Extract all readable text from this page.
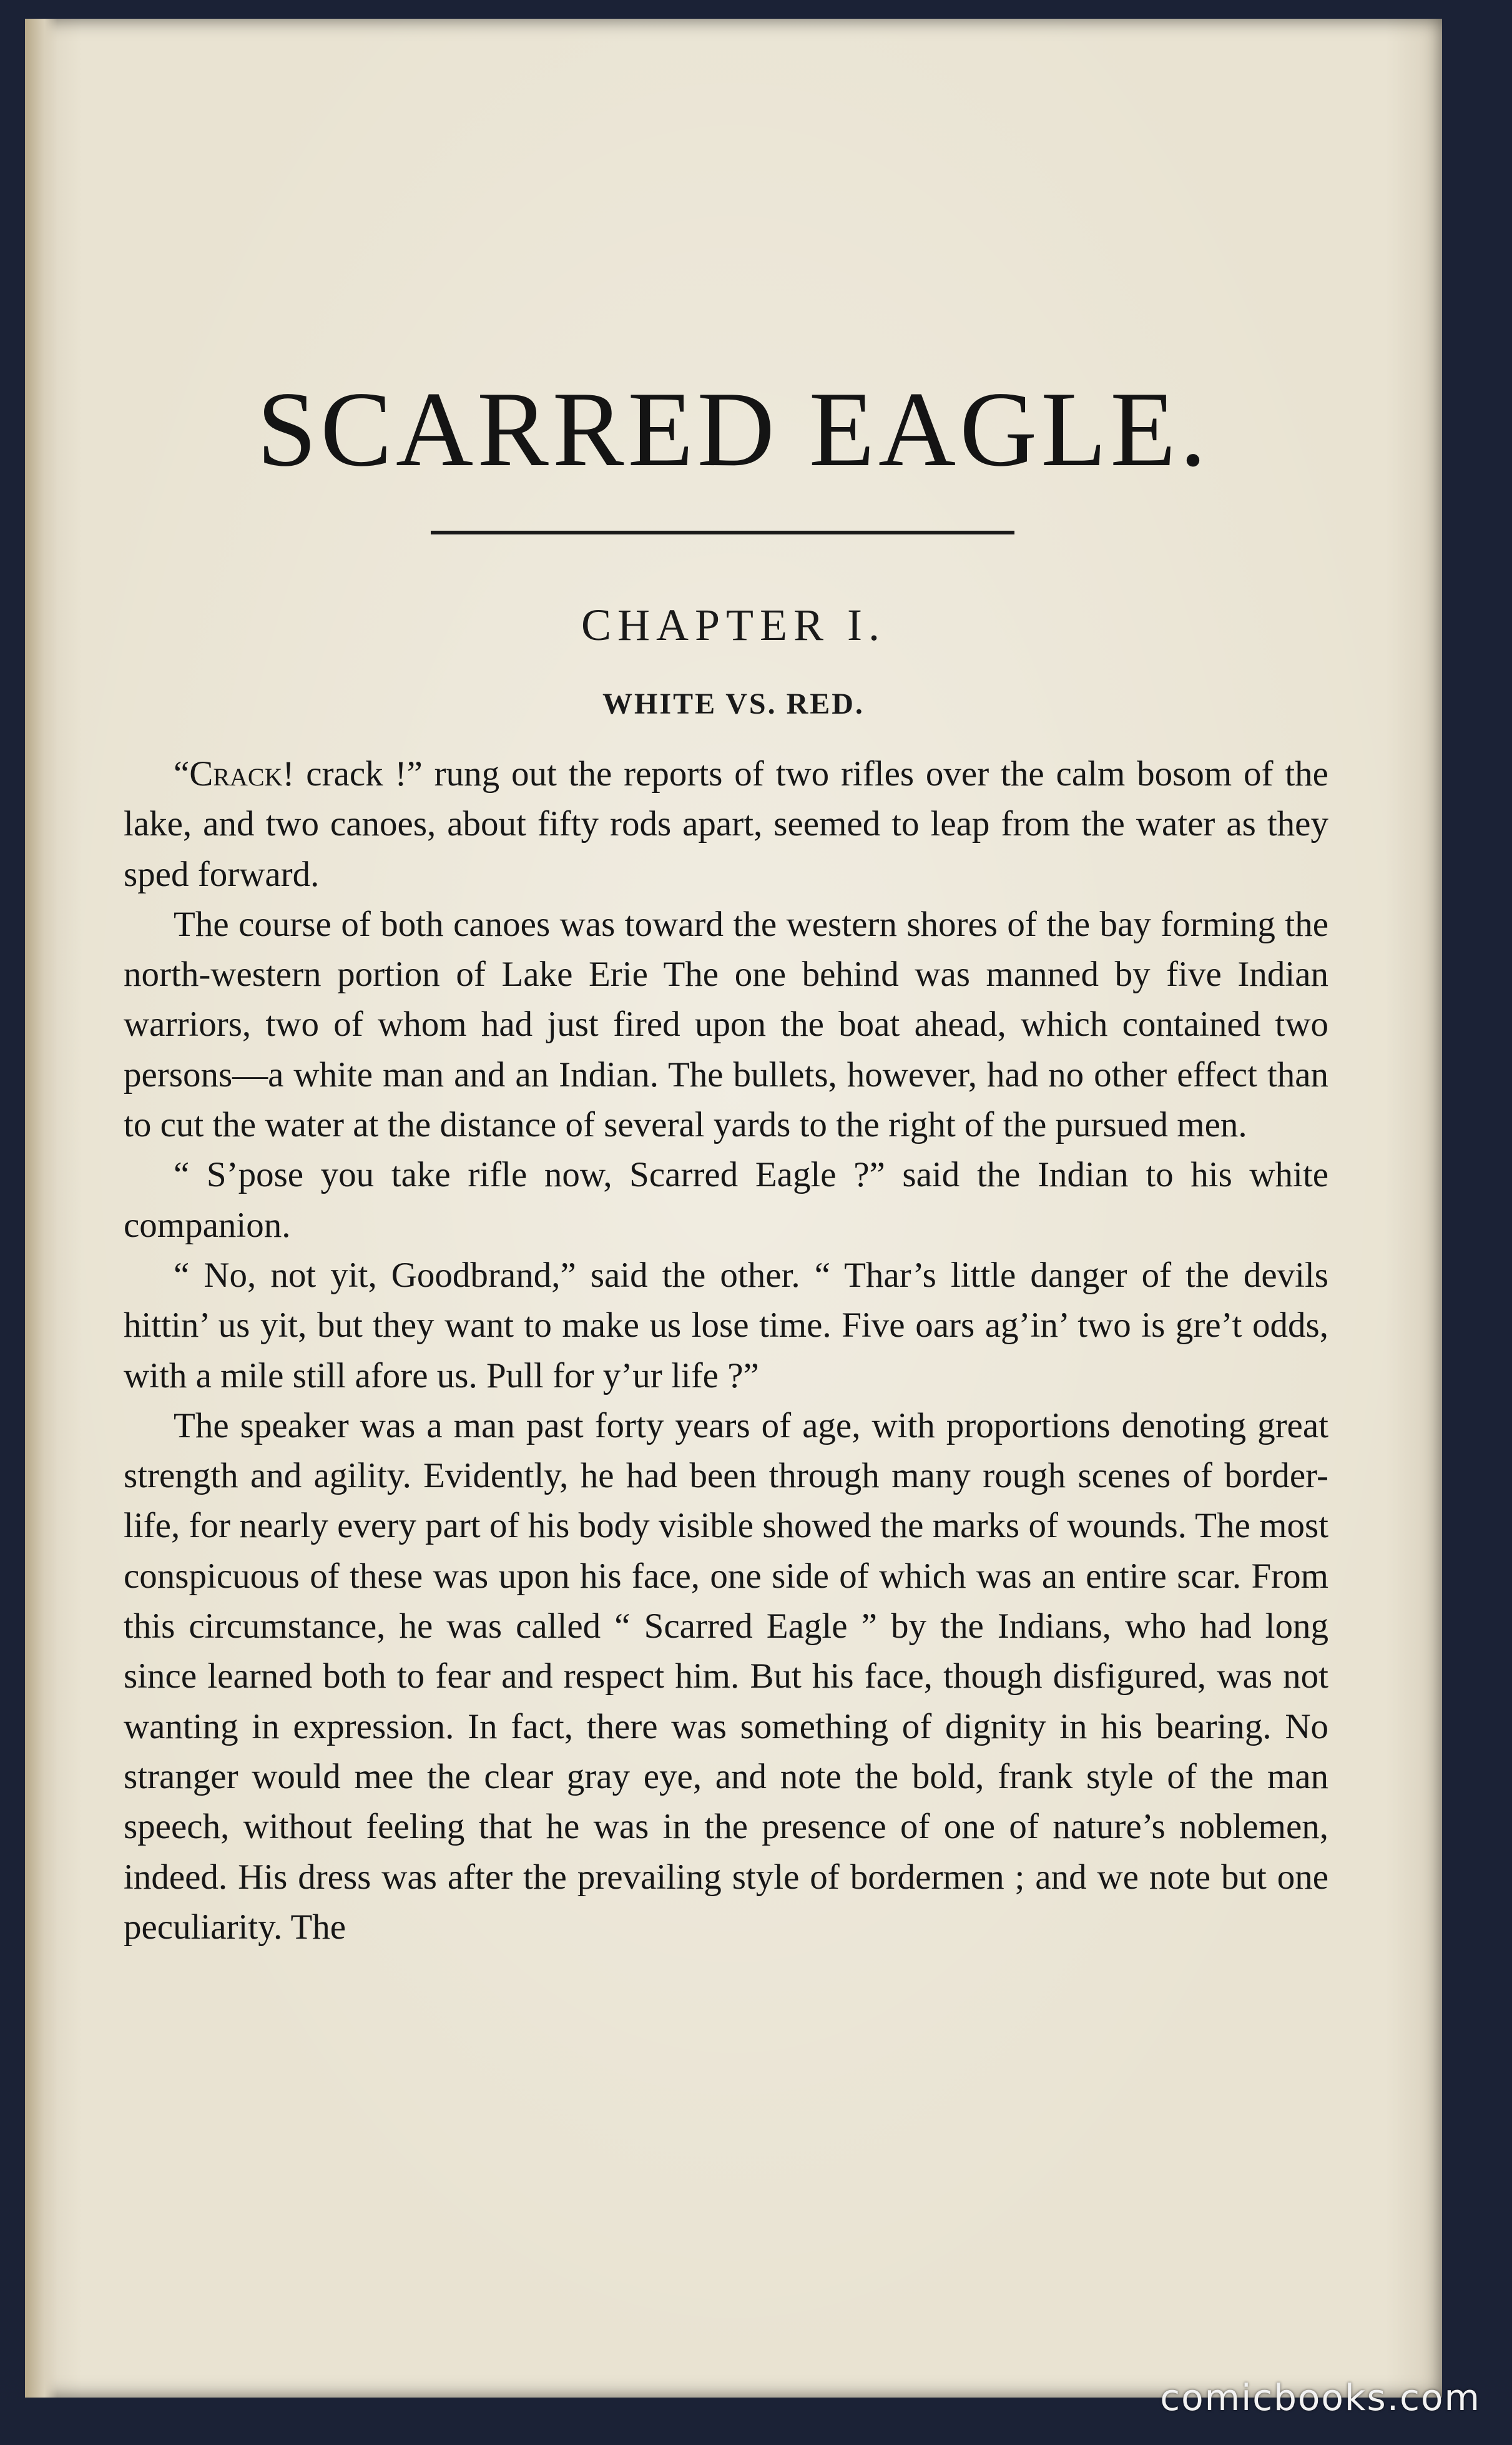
SCARRED EAGLE.
CHAPTER I.
WHITE VS. RED.

“Crack! crack !” rung out the reports of two rifles over the calm bosom of the lake, and two canoes, about fifty rods apart, seemed to leap from the water as they sped forward.

The course of both canoes was toward the western shores of the bay forming the north-western portion of Lake Erie The one behind was manned by five Indian warriors, two of whom had just fired upon the boat ahead, which contained two persons—a white man and an Indian. The bullets, however, had no other effect than to cut the water at the distance of several yards to the right of the pursued men.

“ S’pose you take rifle now, Scarred Eagle ?” said the Indian to his white companion.

“ No, not yit, Goodbrand,” said the other. “ Thar’s little danger of the devils hittin’ us yit, but they want to make us lose time. Five oars ag’in’ two is gre’t odds, with a mile still afore us. Pull for y’ur life ?”

The speaker was a man past forty years of age, with proportions denoting great strength and agility. Evidently, he had been through many rough scenes of border-life, for nearly every part of his body visible showed the marks of wounds. The most conspicuous of these was upon his face, one side of which was an entire scar. From this circumstance, he was called “ Scarred Eagle ” by the Indians, who had long since learned both to fear and respect him. But his face, though disfigured, was not wanting in expression. In fact, there was something of dignity in his bearing. No stranger would mee the clear gray eye, and note the bold, frank style of the man speech, without feeling that he was in the presence of one of nature’s noblemen, indeed. His dress was after the prevailing style of bordermen ; and we note but one peculiarity. The

comicbooks.com
